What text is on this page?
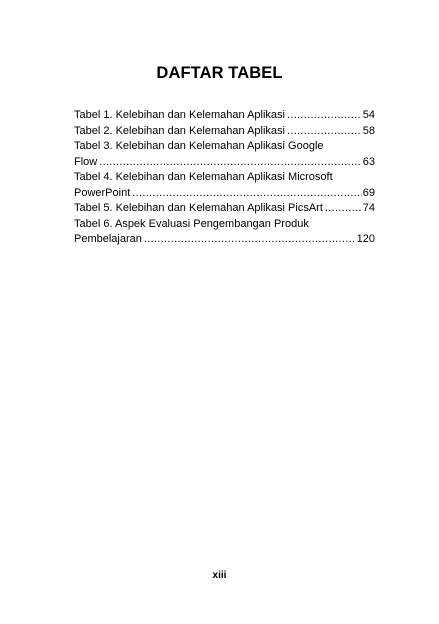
DAFTAR TABEL
Tabel 1. Kelebihan dan Kelemahan Aplikasi .....	54
Tabel 2. Kelebihan dan Kelemahan Aplikasi .....	58
Tabel 3. Kelebihan dan Kelemahan Aplikasi Google
Flow .....	63
Tabel 4. Kelebihan dan Kelemahan Aplikasi Microsoft
PowerPoint .....	69
Tabel 5. Kelebihan dan Kelemahan Aplikasi PicsArt .....	74
Tabel 6. Aspek Evaluasi Pengembangan Produk
Pembelajaran .....	120
xiii
